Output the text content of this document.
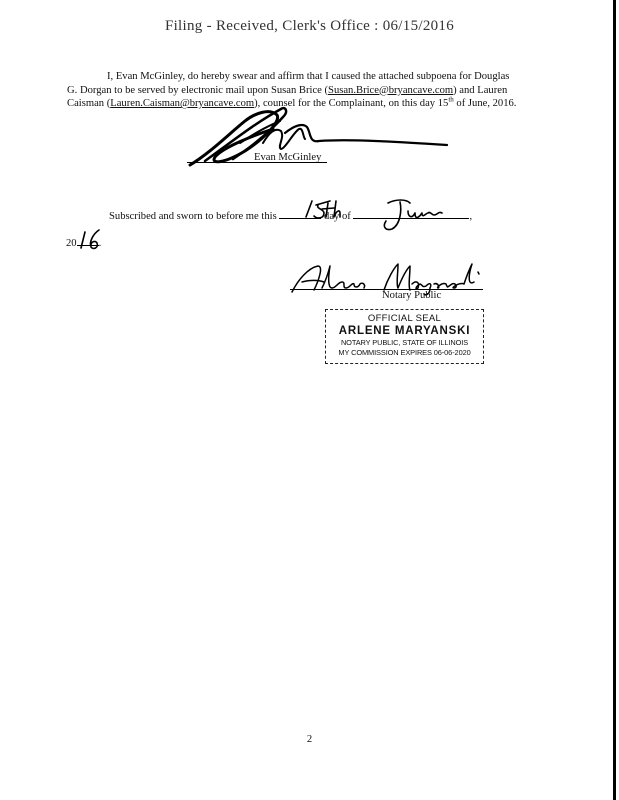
Filing - Received, Clerk's Office : 06/15/2016

I, Evan McGinley, do hereby swear and affirm that I caused the attached subpoena for Douglas

G. Dorgan to be served by electronic mail upon Susan Brice (Susan.Brice@bryancave.com) and Lauren
Caisman (Lauren.Caisman@bryancave.com), counsel for the Complainant, on this day 15th of June, 2016.
Evan McGinley
Subscribed and sworn to before me this	day of	,
20 .
Notary Public
OFFICIAL SEAL
ARLENE MARYANSKI
NOTARY PUBLIC, STATE OF ILLINOIS
MY COMMISSION EXPIRES 06-06-2020
2
